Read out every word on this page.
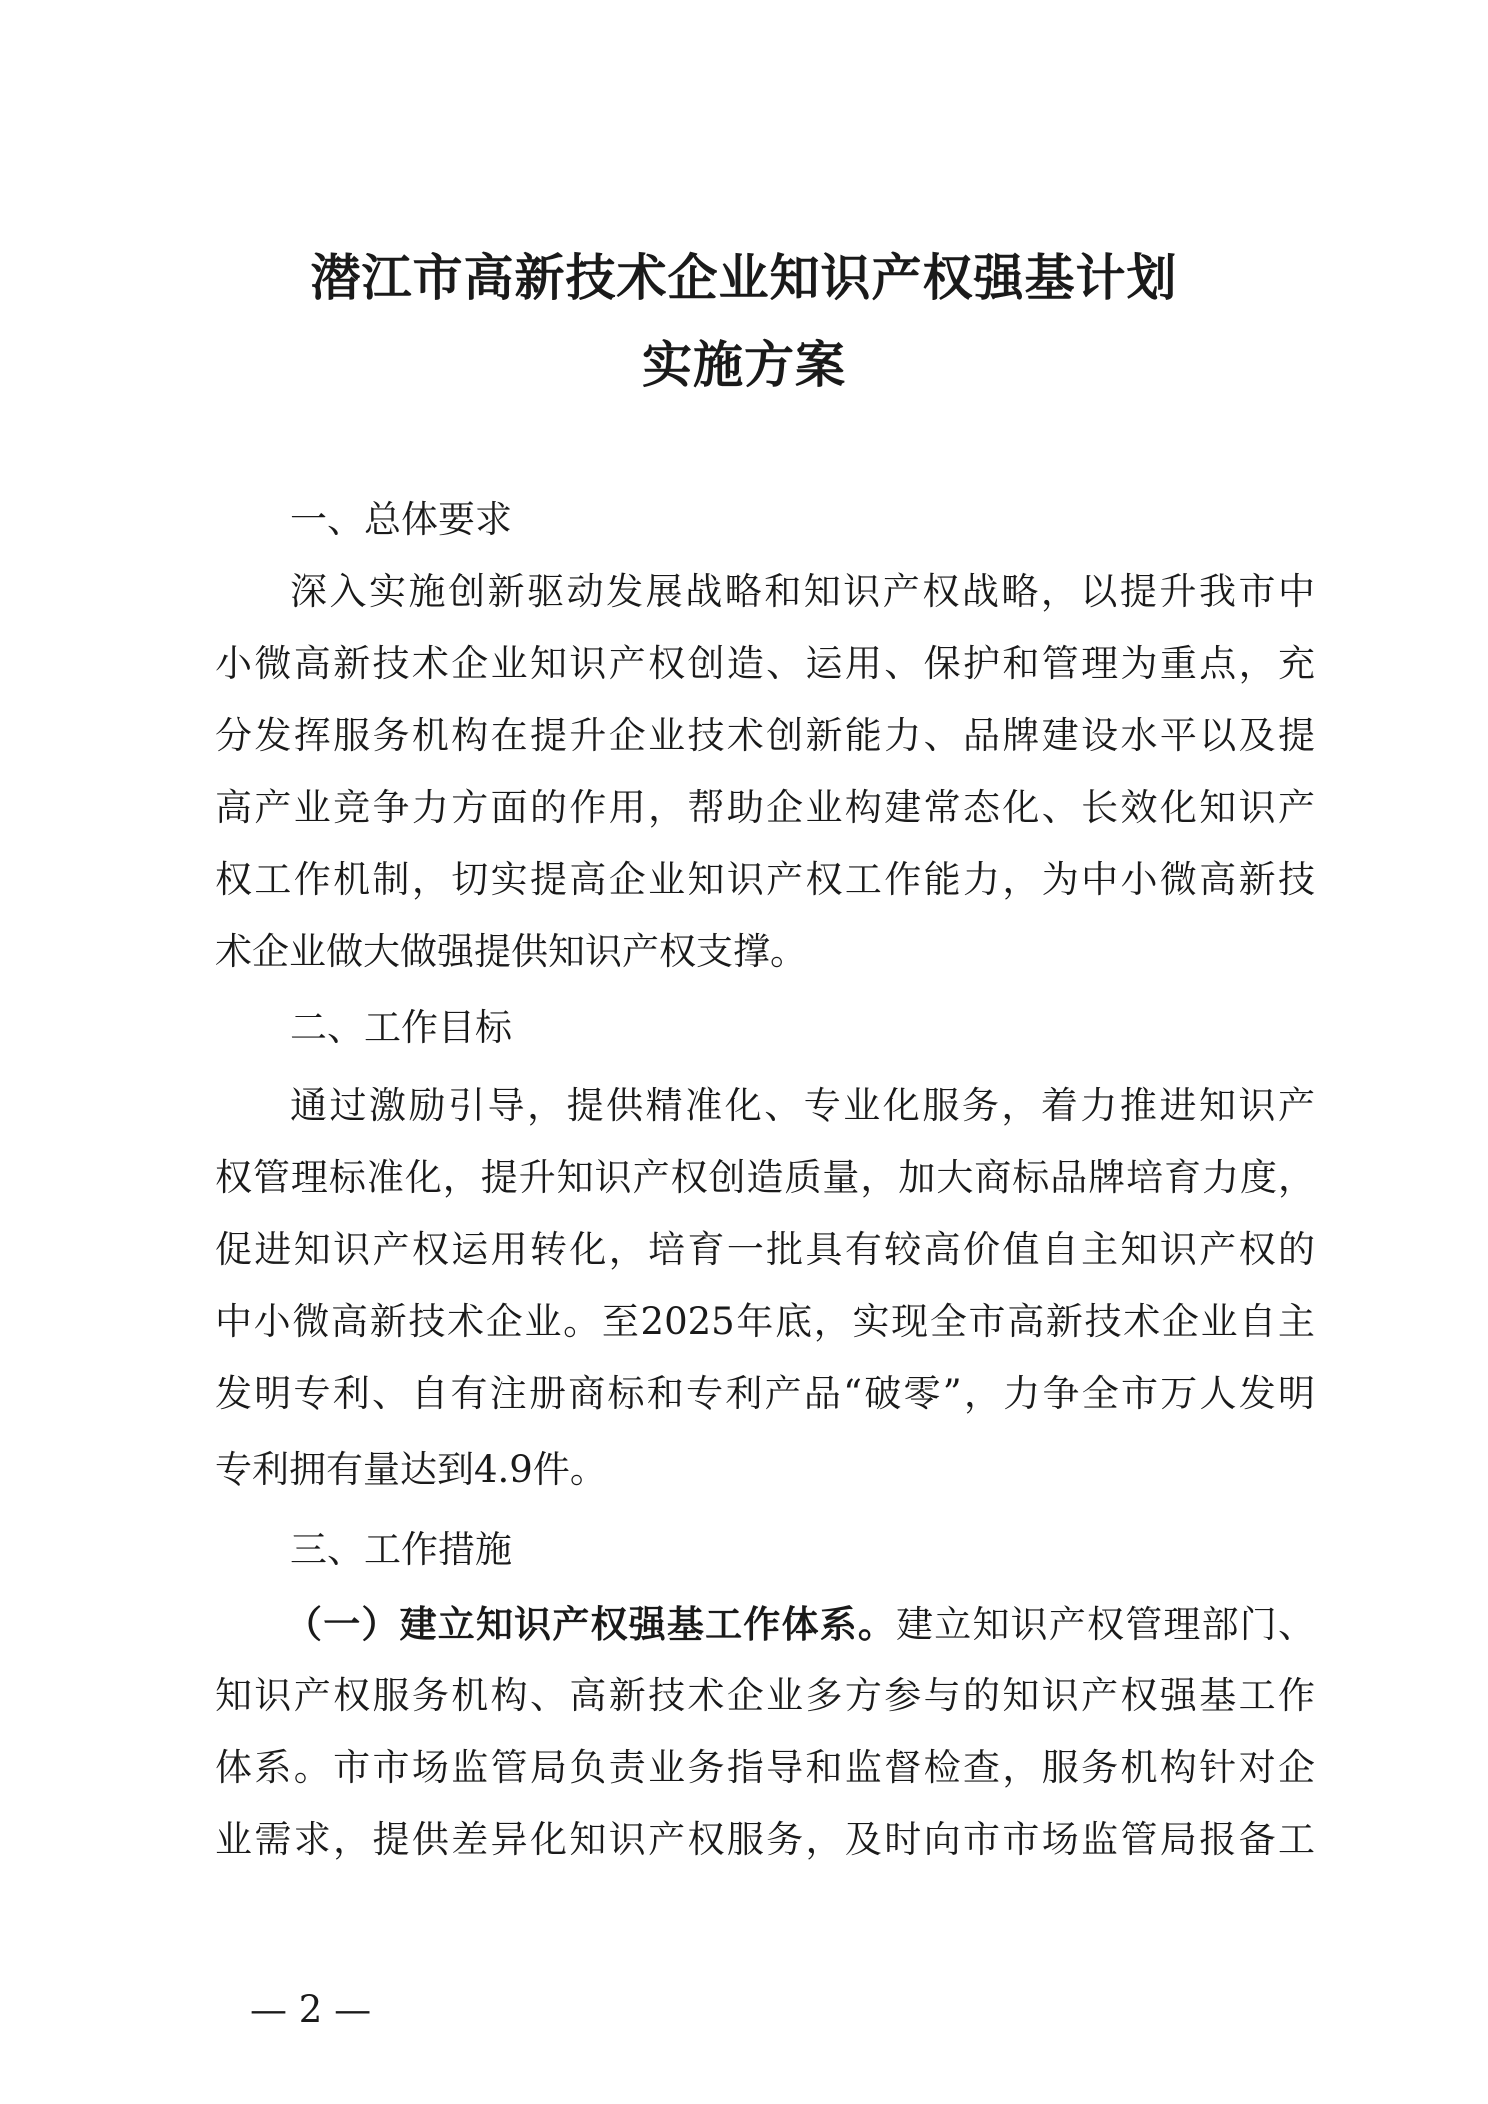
潜江市高新技术企业知识产权强基计划
实施方案
一、总体要求
深入实施创新驱动发展战略和知识产权战略，以提升我市中
小微高新技术企业知识产权创造、运用、保护和管理为重点，充
分发挥服务机构在提升企业技术创新能力、品牌建设水平以及提
高产业竞争力方面的作用，帮助企业构建常态化、长效化知识产
权工作机制，切实提高企业知识产权工作能力，为中小微高新技
术企业做大做强提供知识产权支撑。
二、工作目标
通过激励引导，提供精准化、专业化服务，着力推进知识产
权管理标准化，提升知识产权创造质量，加大商标品牌培育力度，
促进知识产权运用转化，培育一批具有较高价值自主知识产权的
中小微高新技术企业。至2025年底，实现全市高新技术企业自主
发明专利、自有注册商标和专利产品“破零”，力争全市万人发明
专利拥有量达到4.9件。
三、工作措施
（一）建立知识产权强基工作体系。建立知识产权管理部门、
知识产权服务机构、高新技术企业多方参与的知识产权强基工作
体系。市市场监管局负责业务指导和监督检查，服务机构针对企
业需求，提供差异化知识产权服务，及时向市市场监管局报备工
— 2 —
